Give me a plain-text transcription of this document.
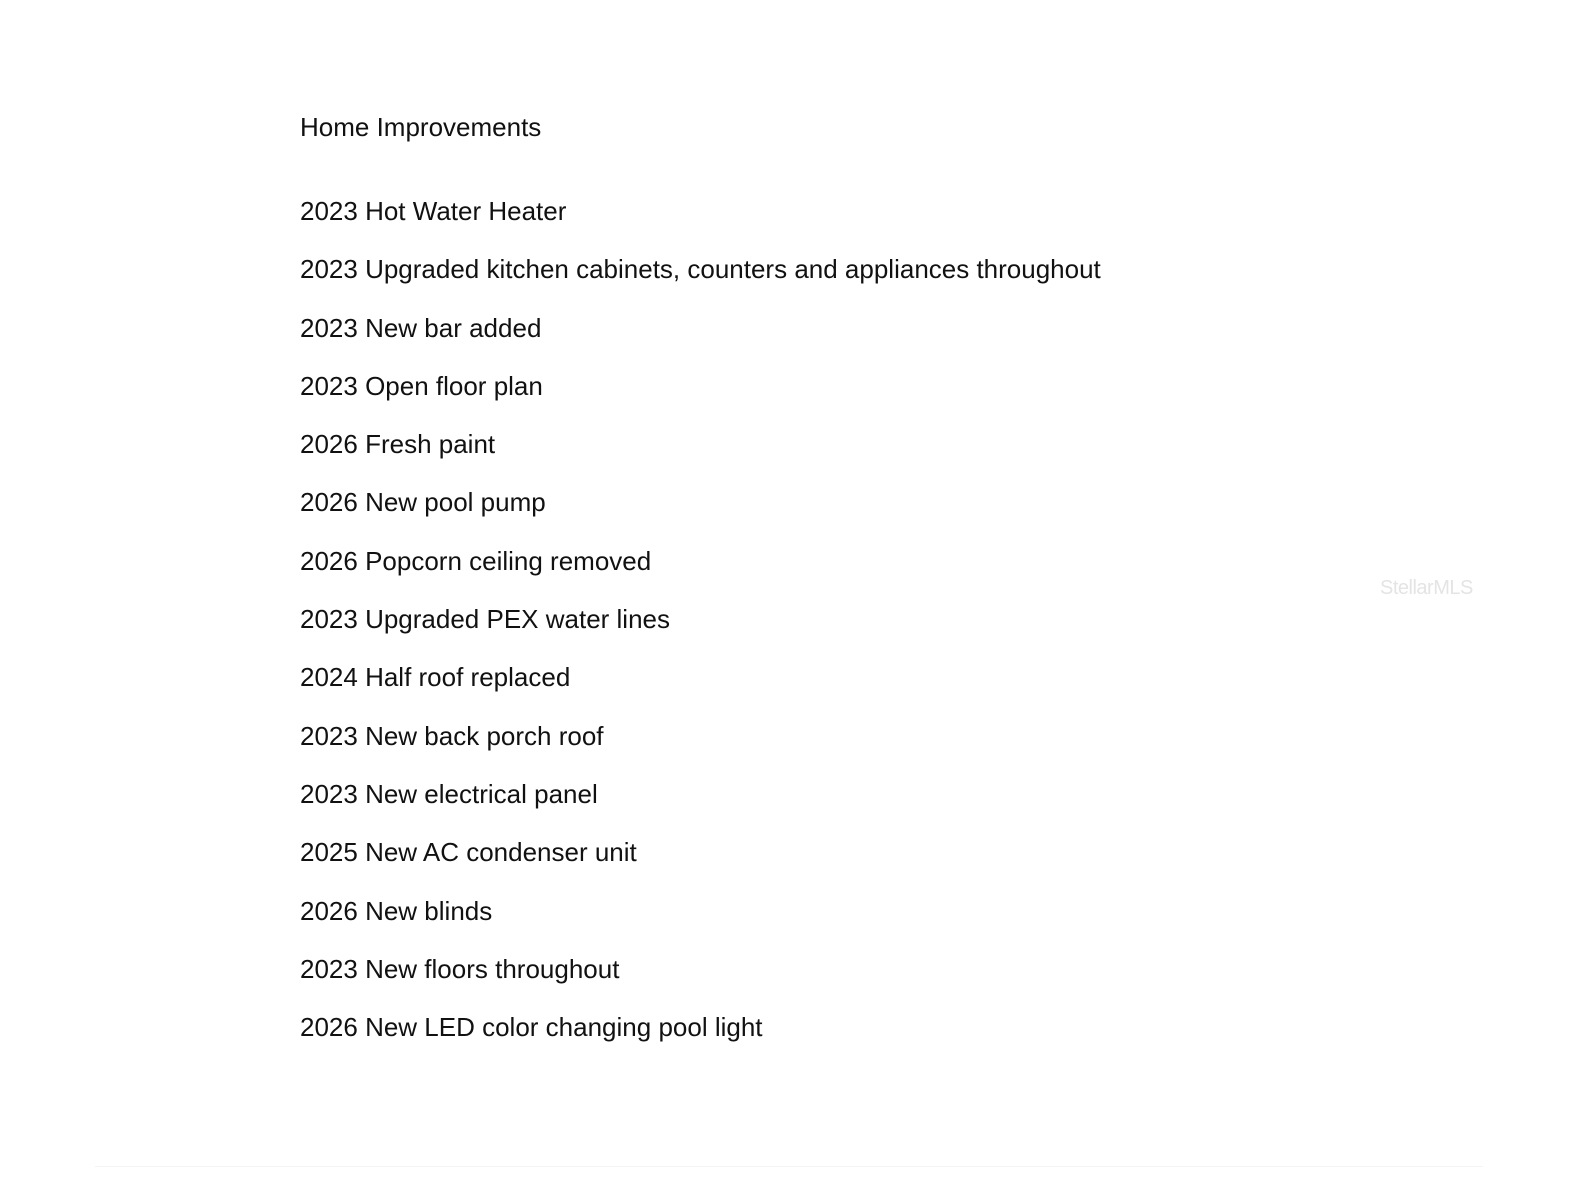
Home Improvements
2023 Hot Water Heater
2023 Upgraded kitchen cabinets, counters and appliances throughout
2023 New bar added
2023 Open floor plan
2026 Fresh paint
2026 New pool pump
2026 Popcorn ceiling removed
2023 Upgraded PEX water lines
2024 Half roof replaced
2023 New back porch roof
2023 New electrical panel
2025 New AC condenser unit
2026 New blinds
2023 New floors throughout
2026 New LED color changing pool light
StellarMLS
